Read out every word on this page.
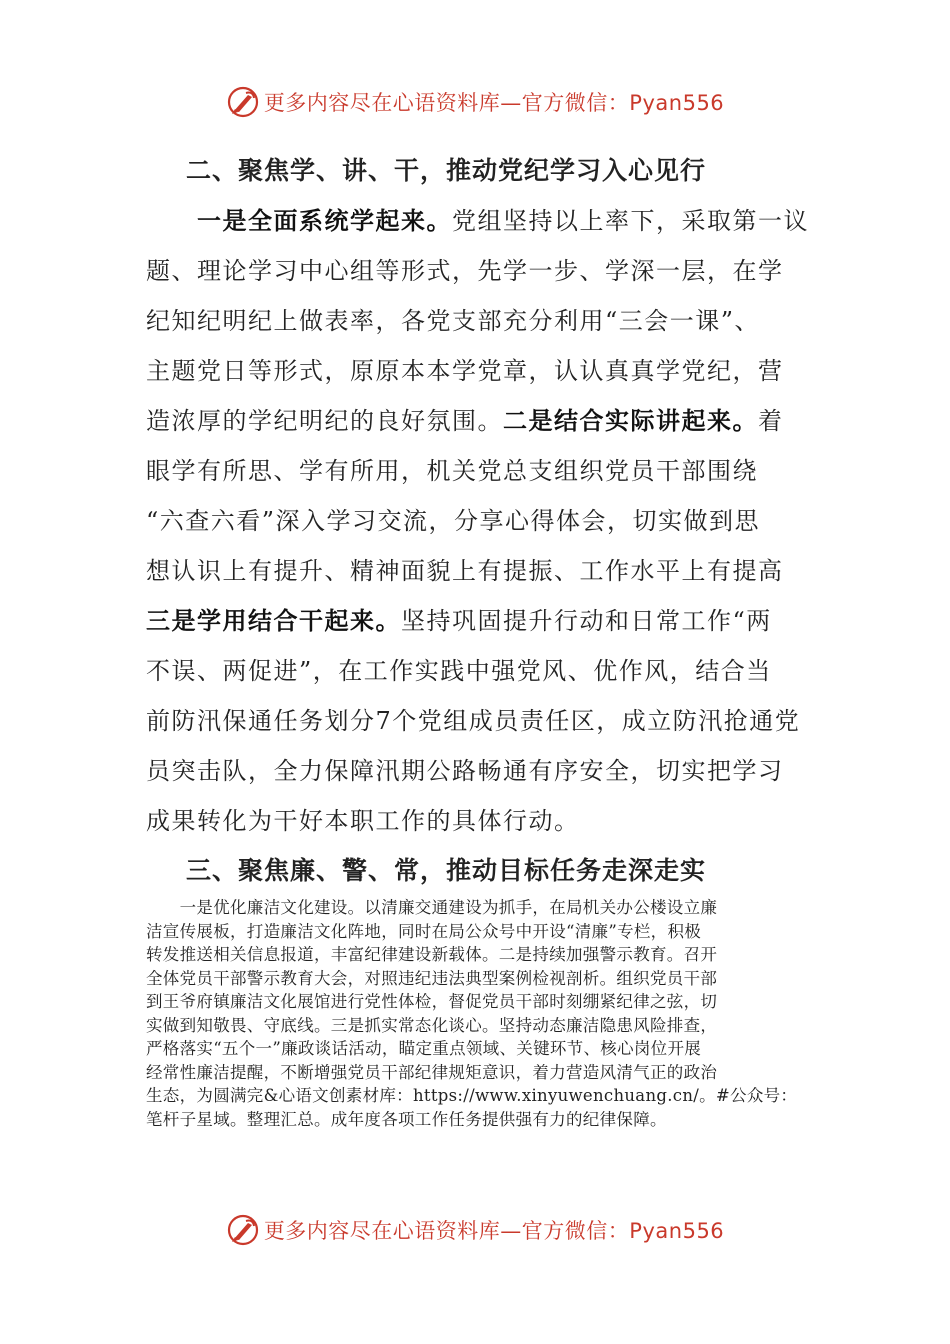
更多内容尽在心语资料库—官方微信：Pyan556
二、聚焦学、讲、干，推动党纪学习入心见行
　　一是全面系统学起来。党组坚持以上率下，采取第一议
题、理论学习中心组等形式，先学一步、学深一层，在学
纪知纪明纪上做表率，各党支部充分利用“三会一课”、
主题党日等形式，原原本本学党章，认认真真学党纪，营
造浓厚的学纪明纪的良好氛围。二是结合实际讲起来。着
眼学有所思、学有所用，机关党总支组织党员干部围绕
“六查六看”深入学习交流，分享心得体会，切实做到思
想认识上有提升、精神面貌上有提振、工作水平上有提高
三是学用结合干起来。坚持巩固提升行动和日常工作“两
不误、两促进”，在工作实践中强党风、优作风，结合当
前防汛保通任务划分7个党组成员责任区，成立防汛抢通党
员突击队，全力保障汛期公路畅通有序安全，切实把学习
成果转化为干好本职工作的具体行动。
三、聚焦廉、警、常，推动目标任务走深走实
　　一是优化廉洁文化建设。以清廉交通建设为抓手，在局机关办公楼设立廉
洁宣传展板，打造廉洁文化阵地，同时在局公众号中开设“清廉”专栏，积极
转发推送相关信息报道，丰富纪律建设新载体。二是持续加强警示教育。召开
全体党员干部警示教育大会，对照违纪违法典型案例检视剖析。组织党员干部
到王爷府镇廉洁文化展馆进行党性体检，督促党员干部时刻绷紧纪律之弦，切
实做到知敬畏、守底线。三是抓实常态化谈心。坚持动态廉洁隐患风险排查，
严格落实“五个一”廉政谈话活动，瞄定重点领域、关键环节、核心岗位开展
经常性廉洁提醒，不断增强党员干部纪律规矩意识，着力营造风清气正的政治
生态，为圆满完&心语文创素材库：https://www.xinyuwenchuang.cn/。#公众号：
笔杆子星域。整理汇总。成年度各项工作任务提供强有力的纪律保障。
更多内容尽在心语资料库—官方微信：Pyan556
